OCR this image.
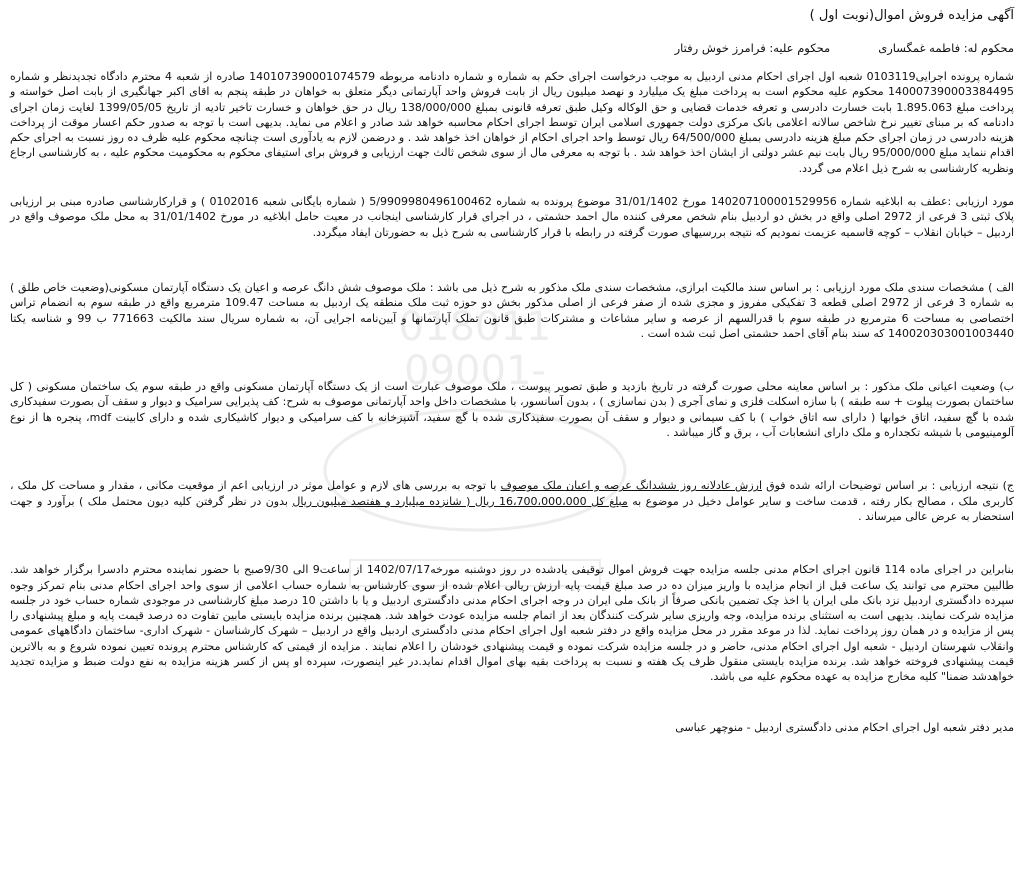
018011
-09001
آگهی مزایده فروش اموال(نوبت اول )
محکوم له: فاطمه غمگساری
محکوم علیه: فرامرز خوش رفتار

شماره پرونده اجرایی0103119 شعبه اول اجرای احکام مدنی اردبیل به موجب درخواست اجرای حکم به شماره و شماره دادنامه مربوطه 140107390001074579 صادره از شعبه 4 محترم دادگاه تجدیدنظر و شماره 140007390003384495 محکوم علیه محکوم است به پرداخت مبلغ یک میلیارد و نهصد میلیون ریال از بابت فروش واحد آپارتمانی دیگر متعلق به خواهان در طبقه پنجم به اقای اکبر جهانگیری از بابت اصل خواسته و پرداخت مبلغ 1.895.063 بابت خسارت دادرسی و تعرفه خدمات قضایی و حق الوکاله وکیل طبق تعرفه قانونی بمبلغ 138/000/000 ریال در حق خواهان و خسارت تاخیر تادیه از تاریخ 1399/05/05 لغایت زمان اجرای دادنامه که بر مبنای تغییر نرخ شاخص سالانه اعلامی بانک مرکزی دولت جمهوری اسلامی ایران توسط اجرای احکام محاسبه خواهد شد صادر و اعلام می نماید. بدیهی است با توجه به صدور حکم اعسار موقت از پرداخت هزینه دادرسی در زمان اجرای حکم مبلغ هزینه دادرسی بمبلغ 64/500/000 ریال توسط واحد اجرای احکام از خواهان اخذ خواهد شد . و درضمن لازم به یادآوری است چنانچه محکوم علیه ظرف ده روز نسبت به اجرای حکم اقدام ننماید مبلغ 95/000/000 ریال بابت نیم عشر دولتی از ایشان اخذ خواهد شد . با توجه به معرفی مال از سوی شخص ثالث جهت ارزیابی و فروش برای استیفای محکوم به محکومیت محکوم علیه ، به کارشناسی ارجاع ونظریه کارشناسی به شرح ذیل اعلام می گردد.

مورد ارزیابی :عطف به ابلاغیه شماره 140207100001529956 مورخ 31/01/1402 موضوع پرونده به شماره 5/9909980496100462 ( شماره بایگانی شعبه 0102016 ) و قرارکارشناسی صادره مبنی بر ارزیابی پلاک ثبتی 3 فرعی از 2972 اصلی واقع در بخش دو اردبیل بنام شخص معرفی کننده مال احمد حشمتی ، در اجرای قرار کارشناسی اینجانب در معیت حامل ابلاغیه در مورخ 31/01/1402 به محل ملک موصوف واقع در اردبیل – خیابان انقلاب – کوچه قاسمیه عزیمت نمودیم که نتیجه بررسیهای صورت گرفته در رابطه با قرار کارشناسی به شرح ذیل به حضورتان ایفاد میگردد.

الف ) مشخصات سندی ملک مورد ارزیابی : بر اساس سند مالکیت ابرازی، مشخصات سندی ملک مذکور به شرح ذیل می باشد : ملک موصوف شش دانگ عرصه و اعیان یک دستگاه آپارتمان مسکونی(وضعیت خاص طلق ) به شماره 3 فرعی از 2972 اصلی قطعه 3 تفکیکی مفروز و مجزی شده از صفر فرعی از اصلی مذکور بخش دو حوزه ثبت ملک منطقه یک اردبیل به مساحت 109.47 مترمربع واقع در طبقه سوم به انضمام تراس اختصاصی به مساحت 6 مترمربع در طبقه سوم با قدرالسهم از عرصه و سایر مشاعات و مشترکات طبق قانون تملک آپارتمانها و آیین‌نامه اجرایی آن، به شماره سریال سند مالکیت 771663 ب 99 و شناسه یکتا 140020303001003440 که سند بنام آقای احمد حشمتی اصل ثبت شده است .

ب) وضعیت اعیانی ملک مذکور : بر اساس معاینه محلی صورت گرفته در تاریخ بازدید و طبق تصویر پیوست ، ملک موصوف عبارت است از یک دستگاه آپارتمان مسکونی واقع در طبقه سوم یک ساختمان مسکونی ( کل ساختمان بصورت پیلوت + سه طبقه ) با سازه اسکلت فلزی و نمای آجری ( بدن نماسازی ) ، بدون آسانسور، با مشخصات داخل واحد آپارتمانی موصوف به شرح: کف پذیرایی سرامیک و دیوار و سقف آن بصورت سفیدکاری شده با گچ سفید، اتاق خوابها ( دارای سه اتاق خواب ) با کف سیمانی و دیوار و سقف آن بصورت سفیدکاری شده با گچ سفید، آشپزخانه با کف سرامیکی و دیوار کاشیکاری شده و دارای کابینت mdf، پنجره ها از نوع آلومینیومی با شیشه تکجداره و ملک دارای انشعابات آب ، برق و گاز میباشد .

ج) نتیجه ارزیابی : بر اساس توضیحات ارائه شده فوق ارزش عادلانه روز ششدانگ عرصه و اعیان ملک موصوف با توجه به بررسی های لازم و عوامل موثر در ارزیابی اعم از موقعیت مکانی ، مقدار و مساحت کل ملک ، کاربری ملک ، مصالح بکار رفته ، قدمت ساخت و سایر عوامل دخیل در موضوع به مبلغ کل 16،700،000،000 ریال ( شانزده میلیارد و هفتصد میلیون ریال بدون در نظر گرفتن کلیه دیون محتمل ملک ) برآورد و جهت استحضار به عرض عالی میرساند .

بنابراین در اجرای ماده 114 قانون اجرای احکام مدنی جلسه مزایده جهت فروش اموال توقیفی یادشده در روز دوشنبه مورخه1402/07/17 از ساعت9 الی 9/30صبح با حضور نماینده محترم دادسرا برگزار خواهد شد. طالبین محترم می توانند یک ساعت قبل از انجام مزایده با واریز میزان ده در صد مبلغ قیمت پایه ارزش ریالی اعلام شده از سوی کارشناس به شماره حساب اعلامی از سوی واحد اجرای احکام مدنی بنام تمرکز وجوه سپرده دادگستری اردبیل نزد بانک ملی ایران یا اخذ چک تضمین بانکی صرفاً از بانک ملی ایران در وجه اجرای احکام مدنی دادگستری اردبیل و یا با داشتن 10 درصد مبلغ کارشناسی در موجودی شماره حساب خود در جلسه مزایده شرکت نمایند. بدیهی است به استثنای برنده مزایده، وجه واریزی سایر شرکت کنندگان بعد از اتمام جلسه مزایده عودت خواهد شد. همچنین برنده مزایده بایستی مابین تفاوت ده درصد قیمت پایه و مبلغ پیشنهادی را پس از مزایده و در همان روز پرداخت نماید. لذا در موعد مقرر در محل مزایده واقع در دفتر شعبه اول اجرای احکام مدنی دادگستری اردبیل واقع در اردبیل – شهرک کارشناسان - شهرک اداری- ساختمان دادگاههای عمومی وانقلاب شهرستان اردبیل - شعبه اول اجرای احکام مدنی، حاضر و در جلسه مزایده شرکت نموده و قیمت پیشنهادی خودشان را اعلام نمایند . مزایده از قیمتی که کارشناس محترم پرونده تعیین نموده شروع و به بالاترین قیمت پیشنهادی فروخته خواهد شد. برنده مزایده بایستی منقول ظرف یک هفته و نسبت به پرداخت بقیه بهای اموال اقدام نماید.در غیر اینصورت، سپرده او پس از کسر هزینه مزایده به نفع دولت ضبط و مزایده تجدید خواهدشد ضمنا" کلیه مخارج مزایده به عهده محکوم علیه می باشد.

مدیر دفتر شعبه اول اجرای احکام مدنی دادگستری اردبیل - منوچهر عباسی
